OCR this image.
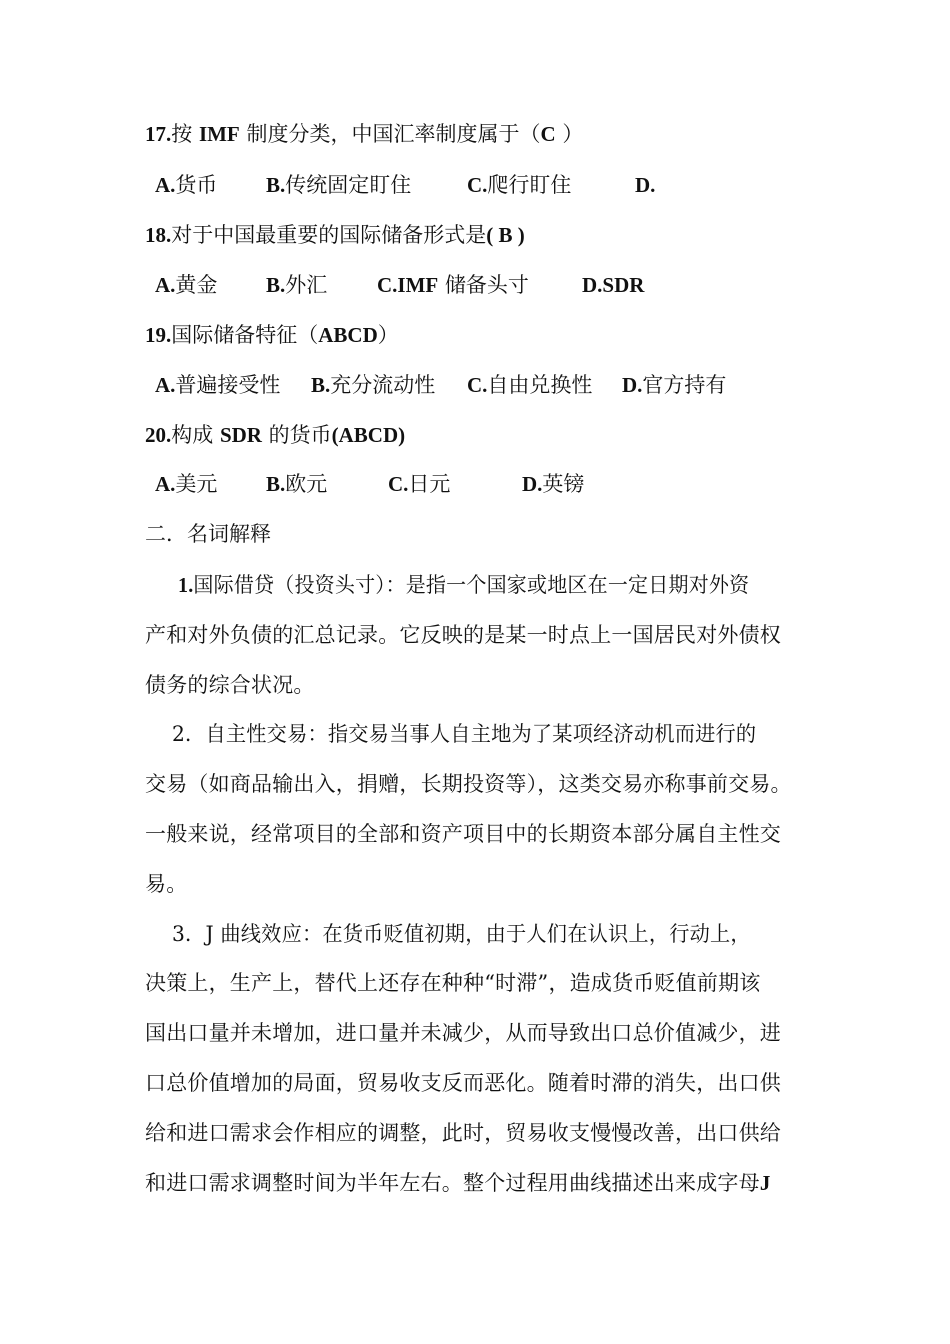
17.按 IMF 制度分类，中国汇率制度属于（C ）
A.货币 B.传统固定盯住	C.爬行盯住	D.
18.对于中国最重要的国际储备形式是( B )
A.黄金 B.外汇 C.IMF 储备头寸	D.SDR
19.国际储备特征（ABCD）
A.普遍接受性 B.充分流动性 C.自由兑换性 D.官方持有
20.构成 SDR 的货币(ABCD)
A.美元 B.欧元	C.日元	D.英镑
二．名词解释
1.国际借贷（投资头寸）：是指一个国家或地区在一定日期对外资
产和对外负债的汇总记录。它反映的是某一时点上一国居民对外债权
债务的综合状况。
2．自主性交易：指交易当事人自主地为了某项经济动机而进行的
交易（如商品输出入，捐赠，长期投资等），这类交易亦称事前交易。
一般来说，经常项目的全部和资产项目中的长期资本部分属自主性交
易。
3．J 曲线效应：在货币贬值初期，由于人们在认识上，行动上，
决策上，生产上，替代上还存在种种“时滞”，造成货币贬值前期该
国出口量并未增加，进口量并未减少，从而导致出口总价值减少，进
口总价值增加的局面，贸易收支反而恶化。随着时滞的消失，出口供
给和进口需求会作相应的调整，此时，贸易收支慢慢改善，出口供给
和进口需求调整时间为半年左右。整个过程用曲线描述出来成字母J
